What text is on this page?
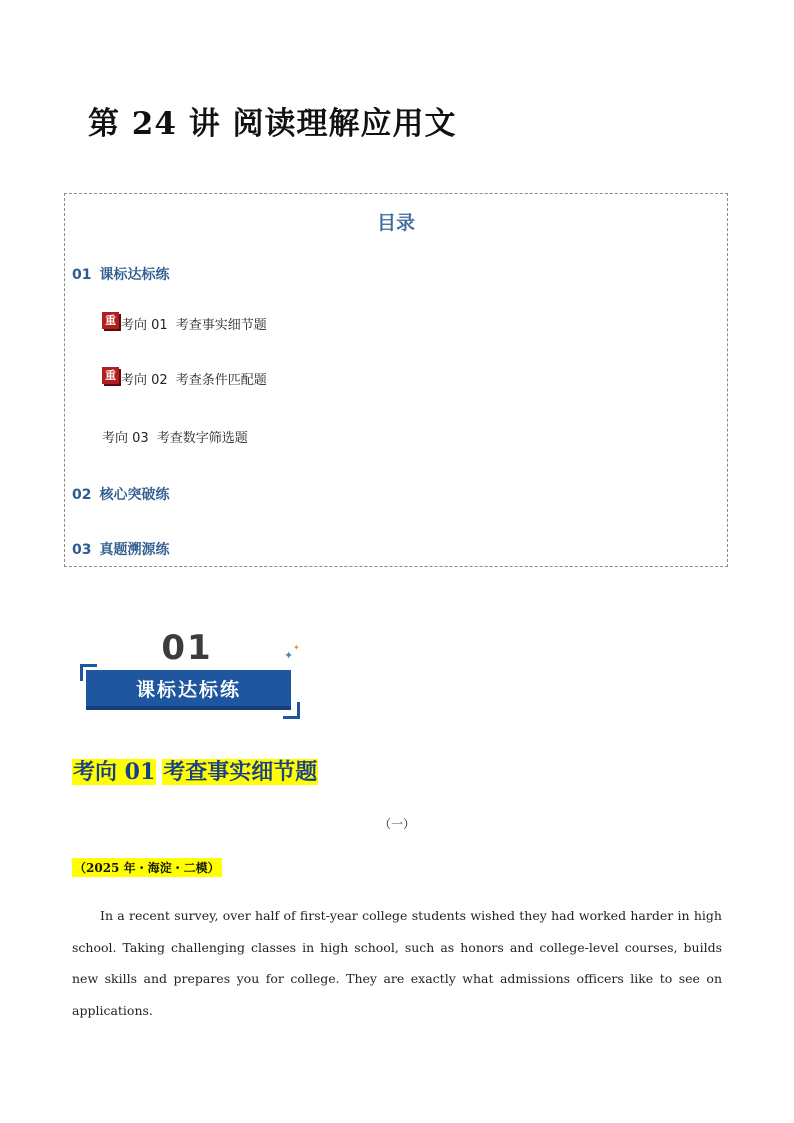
第 24 讲 阅读理解应用文
目录
01 课标达标练
重 考向 01 考查事实细节题
重 考向 02 考查条件匹配题
考向 03 考查数字筛选题
02 核心突破练
03 真题溯源练
01
课标达标练
✦
✦
考向 01 考查事实细节题
（一）
（2025 年・海淀・二模）

In a recent survey, over half of first-year college students wished they had worked harder in high school. Taking challenging classes in high school, such as honors and college-level courses, builds new skills and prepares you for college. They are exactly what admissions officers like to see on applications.
